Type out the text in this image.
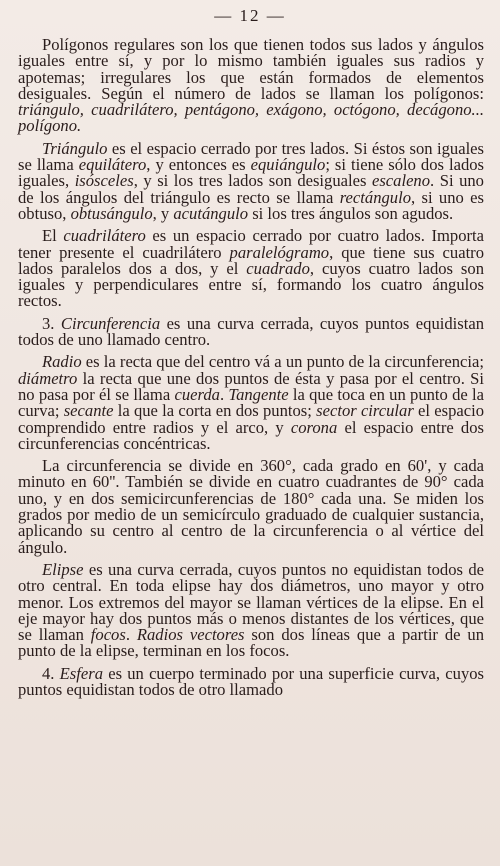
— 12 —

Polígonos regulares son los que tienen todos sus lados y ángulos iguales entre sí, y por lo mismo también iguales sus radios y apotemas; irregulares los que están formados de elementos desiguales. Según el número de lados se llaman los polígonos: triángulo, cuadrilátero, pentágono, exágono, octógono, decágono... polígono.

Triángulo es el espacio cerrado por tres lados. Si éstos son iguales se llama equilátero, y entonces es equiángulo; si tiene sólo dos lados iguales, isósceles, y si los tres lados son desiguales escaleno. Si uno de los ángulos del triángulo es recto se llama rectángulo, si uno es obtuso, obtusángulo, y acutángulo si los tres ángulos son agudos.

El cuadrilátero es un espacio cerrado por cuatro lados. Importa tener presente el cuadrilátero paralelógramo, que tiene sus cuatro lados paralelos dos a dos, y el cuadrado, cuyos cuatro lados son iguales y perpendiculares entre sí, formando los cuatro ángulos rectos.

3. Circunferencia es una curva cerrada, cuyos puntos equidistan todos de uno llamado centro.

Radio es la recta que del centro vá a un punto de la circunferencia; diámetro la recta que une dos puntos de ésta y pasa por el centro. Si no pasa por él se llama cuerda. Tangente la que toca en un punto de la curva; secante la que la corta en dos puntos; sector circular el espacio comprendido entre radios y el arco, y corona el espacio entre dos circunferencias concéntricas.

La circunferencia se divide en 360°, cada grado en 60', y cada minuto en 60''. También se divide en cuatro cuadrantes de 90° cada uno, y en dos semicircunferencias de 180° cada una. Se miden los grados por medio de un semicírculo graduado de cualquier sustancia, aplicando su centro al centro de la circunferencia o al vértice del ángulo.

Elipse es una curva cerrada, cuyos puntos no equidistan todos de otro central. En toda elipse hay dos diámetros, uno mayor y otro menor. Los extremos del mayor se llaman vértices de la elipse. En el eje mayor hay dos puntos más o menos distantes de los vértices, que se llaman focos. Radios vectores son dos líneas que a partir de un punto de la elipse, terminan en los focos.

4. Esfera es un cuerpo terminado por una superficie curva, cuyos puntos equidistan todos de otro llamado
